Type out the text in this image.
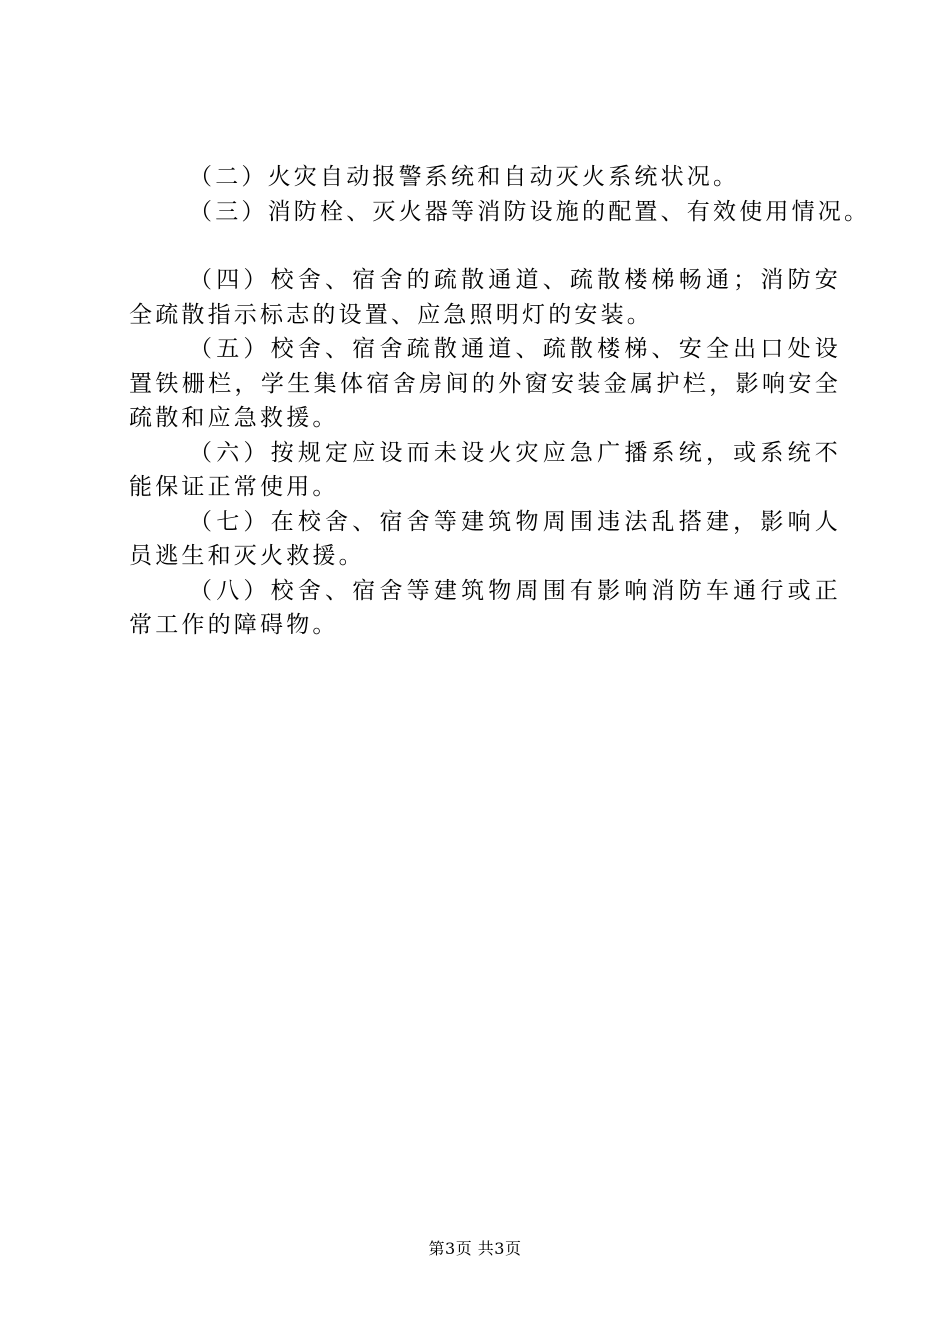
（二）火灾自动报警系统和自动灭火系统状况。

（三）消防栓、灭火器等消防设施的配置、有效使用情况。

（四）校舍、宿舍的疏散通道、疏散楼梯畅通；消防安全疏散指示标志的设置、应急照明灯的安装。

（五）校舍、宿舍疏散通道、疏散楼梯、安全出口处设置铁栅栏，学生集体宿舍房间的外窗安装金属护栏，影响安全疏散和应急救援。

（六）按规定应设而未设火灾应急广播系统，或系统不能保证正常使用。

（七）在校舍、宿舍等建筑物周围违法乱搭建，影响人员逃生和灭火救援。

（八）校舍、宿舍等建筑物周围有影响消防车通行或正常工作的障碍物。

第3页 共3页
